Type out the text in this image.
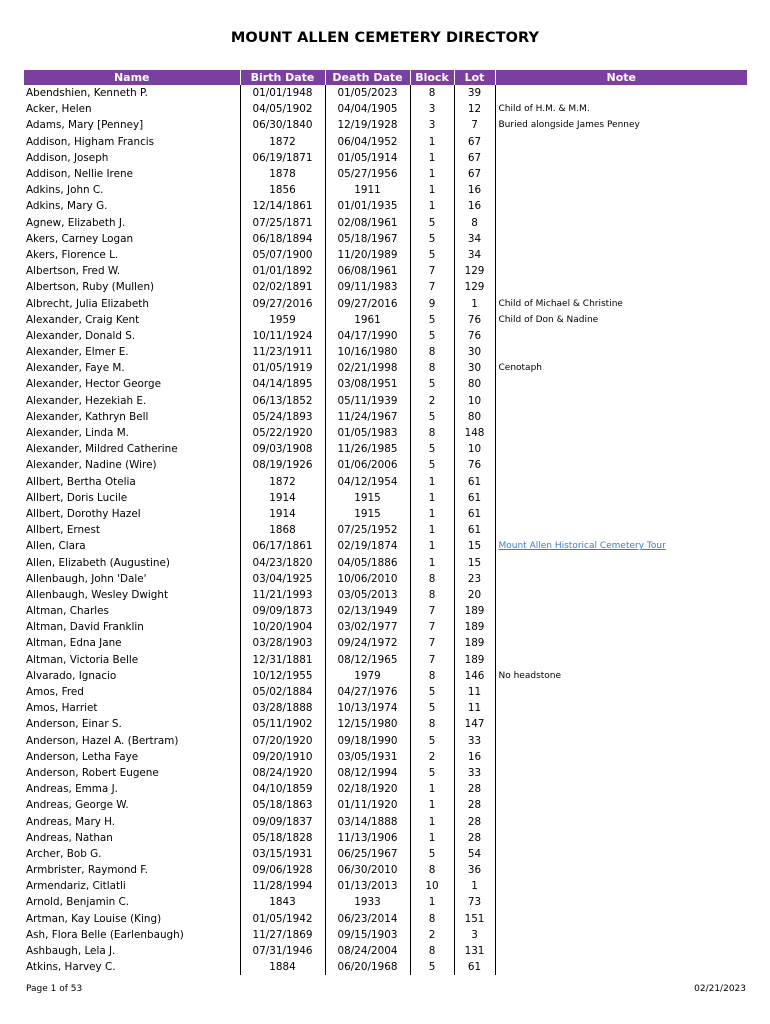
MOUNT ALLEN CEMETERY DIRECTORY
Name	Birth Date	Death Date	Block	Lot	Note
Abendshien, Kenneth P.	01/01/1948	01/05/2023	8	39	
Acker, Helen	04/05/1902	04/04/1905	3	12	Child of H.M. & M.M.
Adams, Mary [Penney]	06/30/1840	12/19/1928	3	7	Buried alongside James Penney
Addison, Higham Francis	1872	06/04/1952	1	67	
Addison, Joseph	06/19/1871	01/05/1914	1	67	
Addison, Nellie Irene	1878	05/27/1956	1	67	
Adkins, John C.	1856	1911	1	16	
Adkins, Mary G.	12/14/1861	01/01/1935	1	16	
Agnew, Elizabeth J.	07/25/1871	02/08/1961	5	8	
Akers, Carney Logan	06/18/1894	05/18/1967	5	34	
Akers, Florence L.	05/07/1900	11/20/1989	5	34	
Albertson, Fred W.	01/01/1892	06/08/1961	7	129	
Albertson, Ruby (Mullen)	02/02/1891	09/11/1983	7	129	
Albrecht, Julia Elizabeth	09/27/2016	09/27/2016	9	1	Child of Michael & Christine
Alexander, Craig Kent	1959	1961	5	76	Child of Don & Nadine
Alexander, Donald S.	10/11/1924	04/17/1990	5	76	
Alexander, Elmer E.	11/23/1911	10/16/1980	8	30	
Alexander, Faye M.	01/05/1919	02/21/1998	8	30	Cenotaph
Alexander, Hector George	04/14/1895	03/08/1951	5	80	
Alexander, Hezekiah E.	06/13/1852	05/11/1939	2	10	
Alexander, Kathryn Bell	05/24/1893	11/24/1967	5	80	
Alexander, Linda M.	05/22/1920	01/05/1983	8	148	
Alexander, Mildred Catherine	09/03/1908	11/26/1985	5	10	
Alexander, Nadine (Wire)	08/19/1926	01/06/2006	5	76	
Allbert, Bertha Otelia	1872	04/12/1954	1	61	
Allbert, Doris Lucile	1914	1915	1	61	
Allbert, Dorothy Hazel	1914	1915	1	61	
Allbert, Ernest	1868	07/25/1952	1	61	
Allen, Clara	06/17/1861	02/19/1874	1	15	Mount Allen Historical Cemetery Tour
Allen, Elizabeth (Augustine)	04/23/1820	04/05/1886	1	15	
Allenbaugh, John 'Dale'	03/04/1925	10/06/2010	8	23	
Allenbaugh, Wesley Dwight	11/21/1993	03/05/2013	8	20	
Altman, Charles	09/09/1873	02/13/1949	7	189	
Altman, David Franklin	10/20/1904	03/02/1977	7	189	
Altman, Edna Jane	03/28/1903	09/24/1972	7	189	
Altman, Victoria Belle	12/31/1881	08/12/1965	7	189	
Alvarado, Ignacio	10/12/1955	1979	8	146	No headstone
Amos, Fred	05/02/1884	04/27/1976	5	11	
Amos, Harriet	03/28/1888	10/13/1974	5	11	
Anderson, Einar S.	05/11/1902	12/15/1980	8	147	
Anderson, Hazel A. (Bertram)	07/20/1920	09/18/1990	5	33	
Anderson, Letha Faye	09/20/1910	03/05/1931	2	16	
Anderson, Robert Eugene	08/24/1920	08/12/1994	5	33	
Andreas, Emma J.	04/10/1859	02/18/1920	1	28	
Andreas, George W.	05/18/1863	01/11/1920	1	28	
Andreas, Mary H.	09/09/1837	03/14/1888	1	28	
Andreas, Nathan	05/18/1828	11/13/1906	1	28	
Archer, Bob G.	03/15/1931	06/25/1967	5	54	
Armbrister, Raymond F.	09/06/1928	06/30/2010	8	36	
Armendariz, Citlatli	11/28/1994	01/13/2013	10	1	
Arnold, Benjamin C.	1843	1933	1	73	
Artman, Kay Louise (King)	01/05/1942	06/23/2014	8	151	
Ash, Flora Belle (Earlenbaugh)	11/27/1869	09/15/1903	2	3	
Ashbaugh, Lela J.	07/31/1946	08/24/2004	8	131	
Atkins, Harvey C.	1884	06/20/1968	5	61	
Page 1 of 53	02/21/2023
